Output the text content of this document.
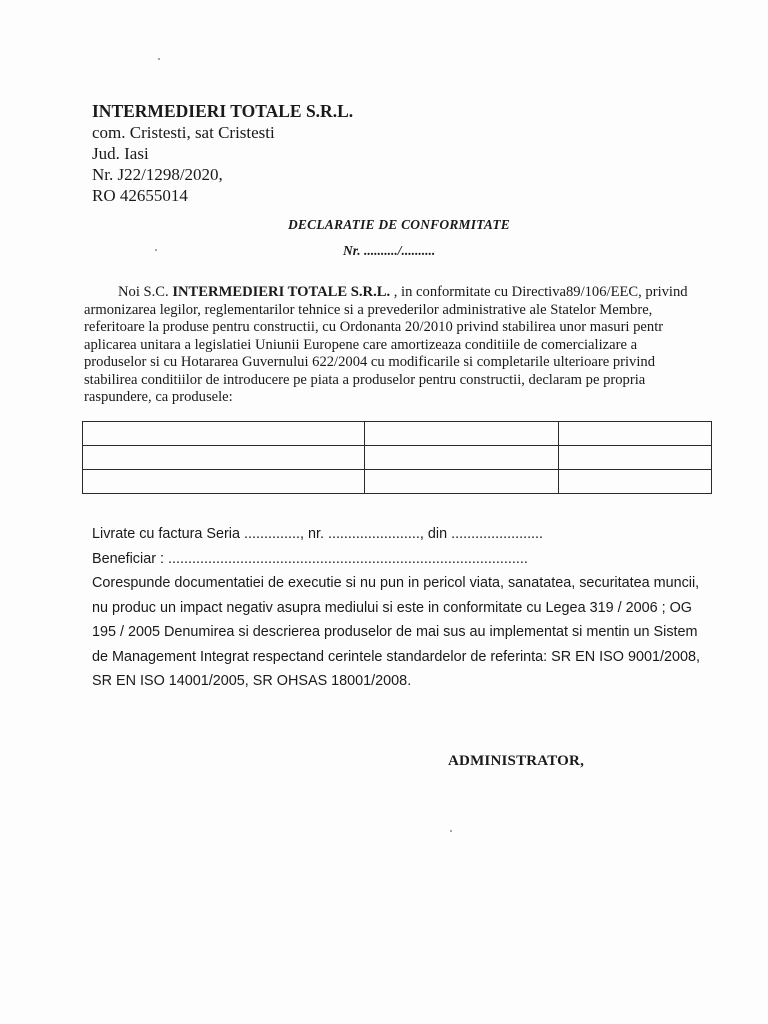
INTERMEDIERI TOTALE S.R.L.
com. Cristesti, sat Cristesti
Jud. Iasi
Nr. J22/1298/2020,
RO 42655014
DECLARATIE DE CONFORMITATE
Nr. ........../..........
Noi S.C. INTERMEDIERI TOTALE S.R.L. , in conformitate cu Directiva89/106/EEC, privind
armonizarea legilor, reglementarilor tehnice si a prevederilor administrative ale Statelor Membre,
referitoare la produse pentru constructii, cu Ordonanta 20/2010 privind stabilirea unor masuri pentr
aplicarea unitara a legislatiei Uniunii Europene care amortizeaza conditiile de comercializare a
produselor si cu Hotararea Guvernului 622/2004 cu modificarile si completarile ulterioare privind
stabilirea conditiilor de introducere pe piata a produselor pentru constructii, declaram pe propria
raspundere, ca produsele:

Livrate cu factura Seria .............., nr. ......................., din .......................
Beneficiar : ..........................................................................................
Corespunde documentatiei de executie si nu pun in pericol viata, sanatatea, securitatea muncii,
nu produc un impact negativ asupra mediului si este in conformitate cu Legea 319 / 2006 ; OG
195 / 2005 Denumirea si descrierea produselor de mai sus au implementat si mentin un Sistem
de Management Integrat respectand cerintele standardelor de referinta: SR EN ISO 9001/2008,
SR EN ISO 14001/2005, SR OHSAS 18001/2008.
ADMINISTRATOR,
